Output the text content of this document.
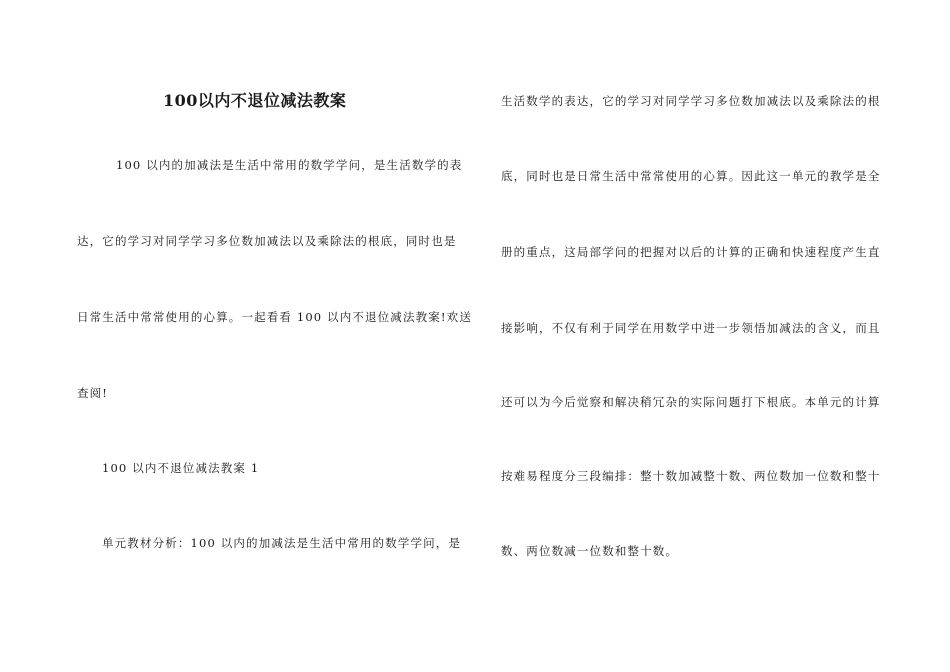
100以内不退位减法教案
100 以内的加减法是生活中常用的数学学问，是生活数学的表
达，它的学习对同学学习多位数加减法以及乘除法的根底，同时也是
日常生活中常常使用的心算。一起看看 100 以内不退位减法教案!欢送
查阅!
100 以内不退位减法教案 1
单元教材分析：100 以内的加减法是生活中常用的数学学问，是
生活数学的表达，它的学习对同学学习多位数加减法以及乘除法的根
底，同时也是日常生活中常常使用的心算。因此这一单元的教学是全
册的重点，这局部学问的把握对以后的计算的正确和快速程度产生直
接影响，不仅有利于同学在用数学中进一步领悟加减法的含义，而且
还可以为今后觉察和解决稍冗杂的实际问题打下根底。本单元的计算
按难易程度分三段编排：整十数加减整十数、两位数加一位数和整十
数、两位数减一位数和整十数。
